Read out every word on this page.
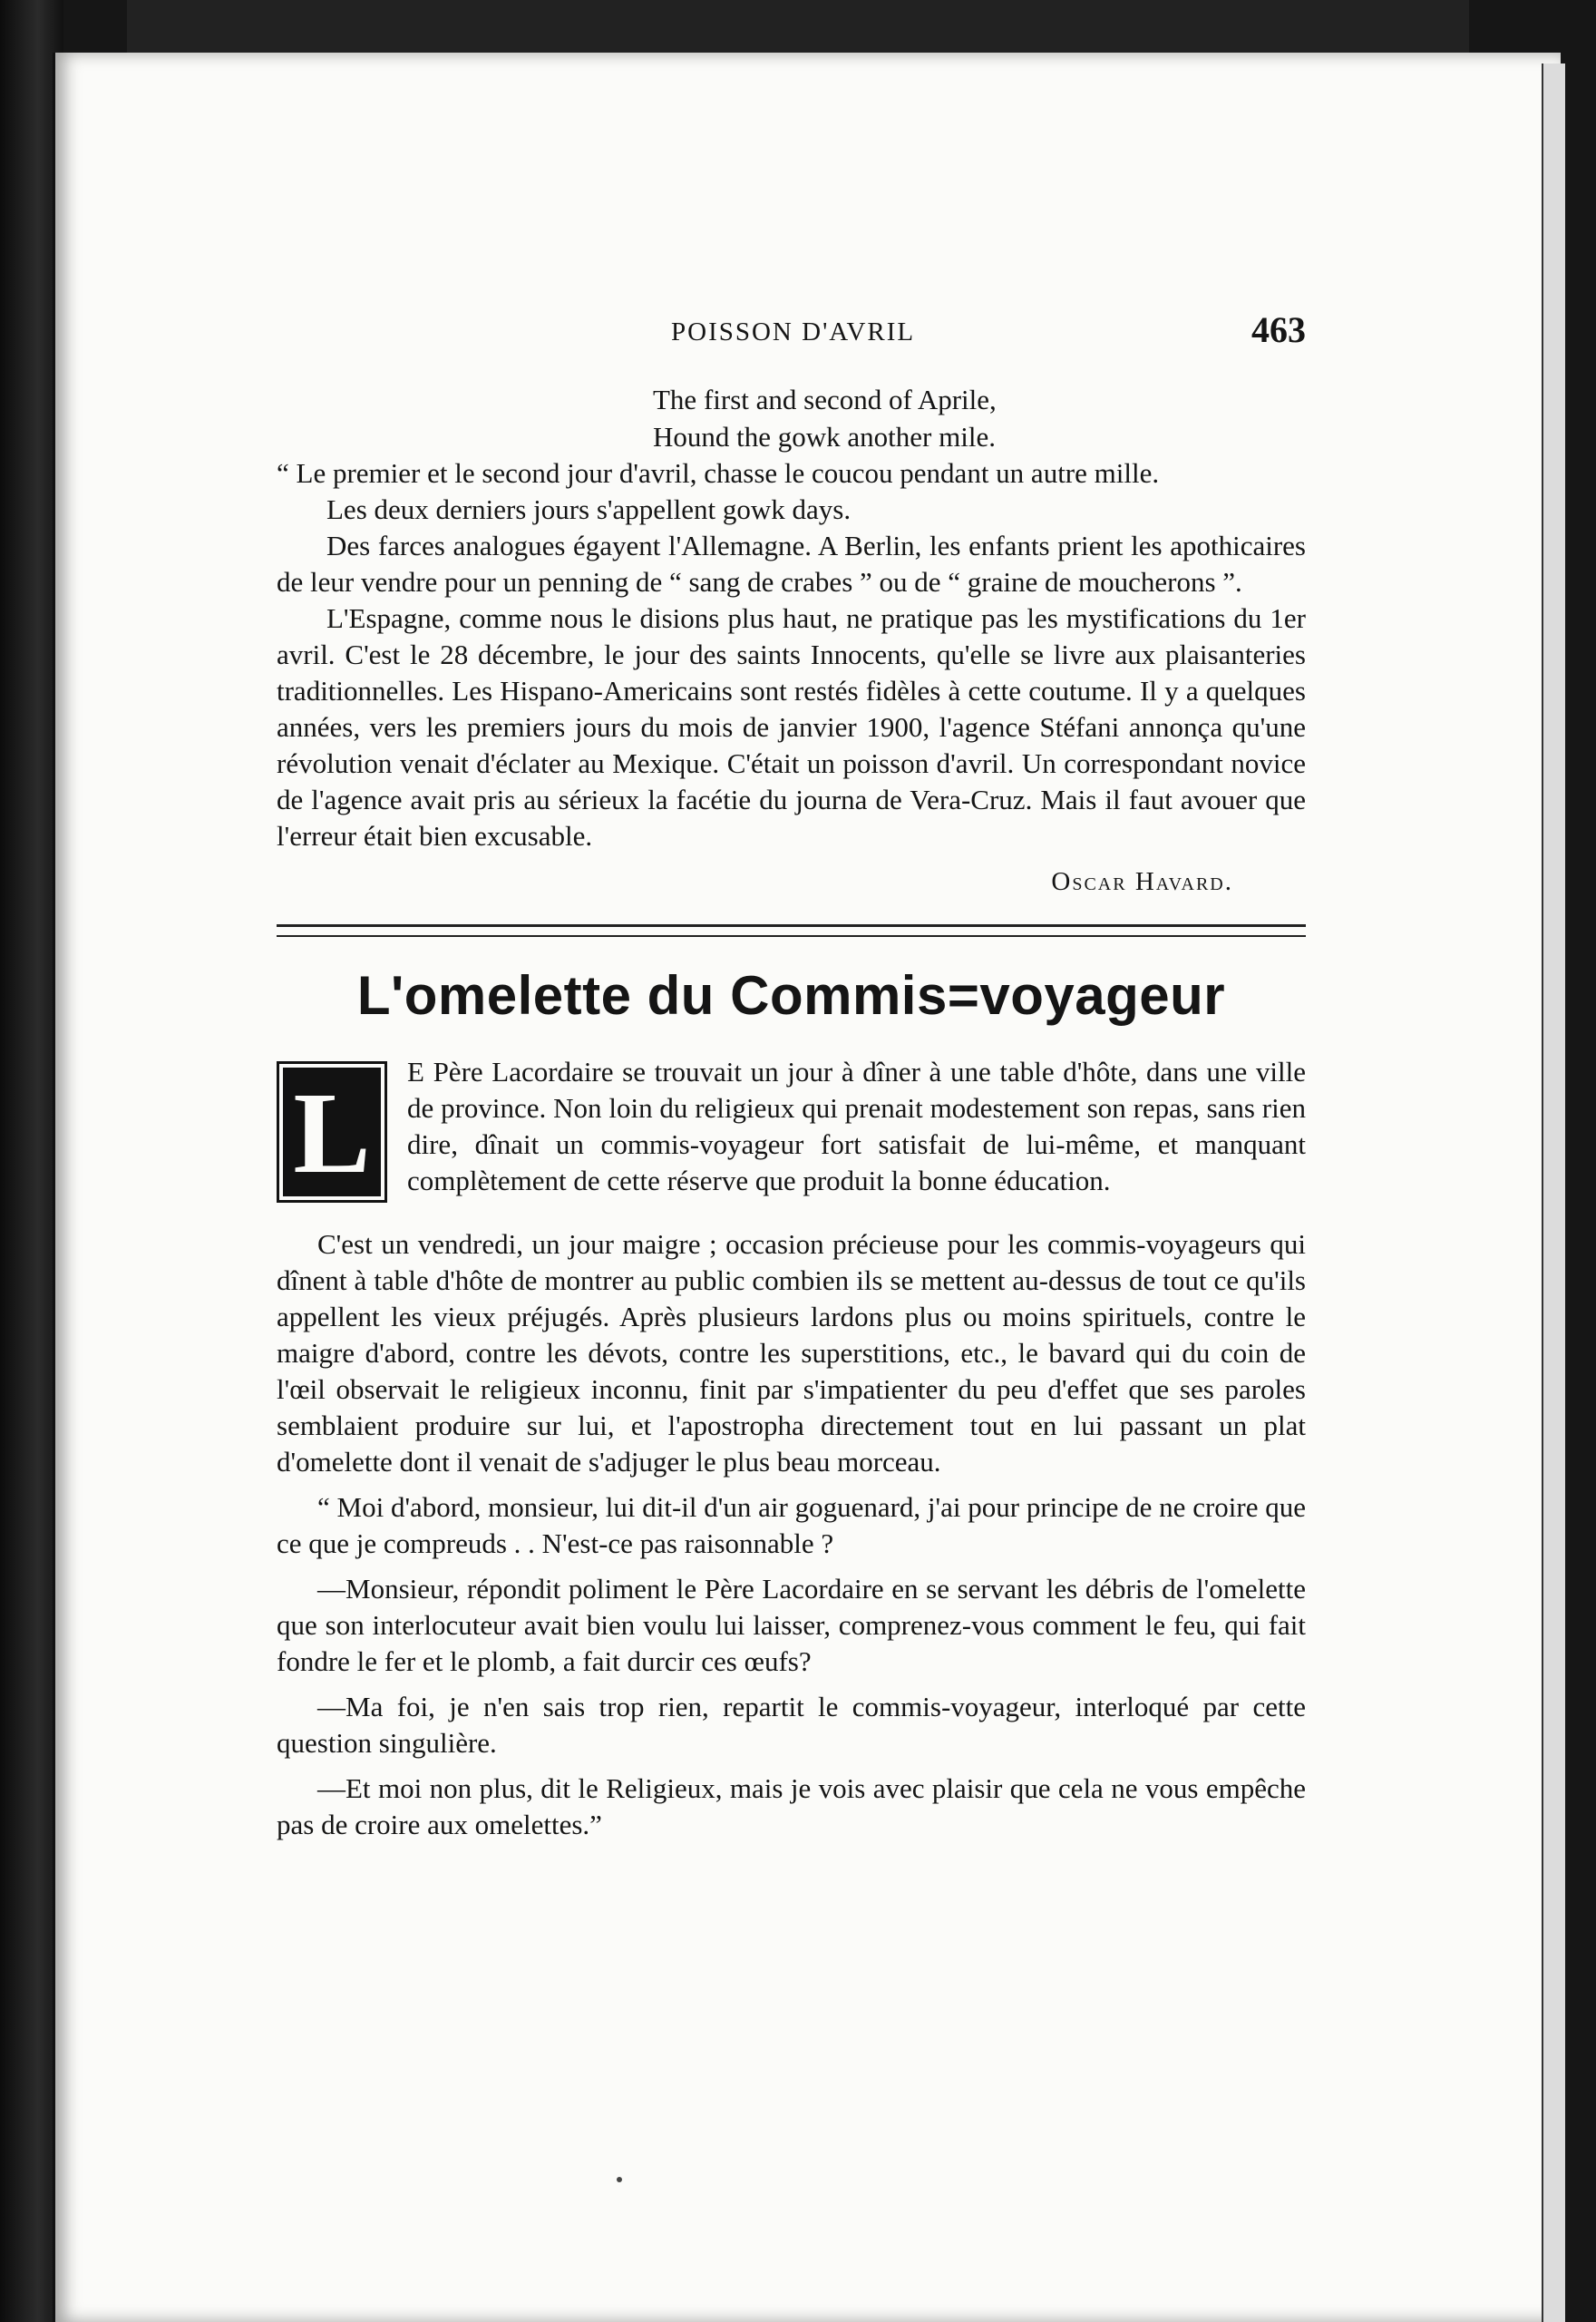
POISSON D'AVRIL	463
The first and second of Aprile,
Hound the gowk another mile.

“ Le premier et le second jour d'avril, chasse le coucou pendant un autre mille.

Les deux derniers jours s'appellent gowk days.

Des farces analogues égayent l'Allemagne. A Berlin, les enfants prient les apothicaires de leur vendre pour un penning de “ sang de crabes ” ou de “ graine de moucherons ”.

L'Espagne, comme nous le disions plus haut, ne pratique pas les mystifications du 1er avril. C'est le 28 décembre, le jour des saints Innocents, qu'elle se livre aux plaisanteries traditionnelles. Les Hispano-Americains sont restés fidèles à cette coutume. Il y a quelques années, vers les premiers jours du mois de janvier 1900, l'agence Stéfani annonça qu'une révolution venait d'éclater au Mexique. C'était un poisson d'avril. Un correspondant novice de l'agence avait pris au sérieux la facétie du journa de Vera-Cruz. Mais il faut avouer que l'erreur était bien excusable.

Oscar Havard.
L'omelette du Commis=voyageur
L	E Père Lacordaire se trouvait un jour à dîner à une table d'hôte, dans une ville de province. Non loin du religieux qui prenait modestement son repas, sans rien dire, dînait un commis-voyageur fort satisfait de lui-même, et manquant complètement de cette réserve que produit la bonne éducation.

C'est un vendredi, un jour maigre ; occasion précieuse pour les commis-voyageurs qui dînent à table d'hôte de montrer au public combien ils se mettent au-dessus de tout ce qu'ils appellent les vieux préjugés. Après plusieurs lardons plus ou moins spirituels, contre le maigre d'abord, contre les dévots, contre les superstitions, etc., le bavard qui du coin de l'œil observait le religieux inconnu, finit par s'impatienter du peu d'effet que ses paroles semblaient produire sur lui, et l'apostropha directement tout en lui passant un plat d'omelette dont il venait de s'adjuger le plus beau morceau.

“ Moi d'abord, monsieur, lui dit-il d'un air goguenard, j'ai pour principe de ne croire que ce que je compreuds . . N'est-ce pas raisonnable ?

—Monsieur, répondit poliment le Père Lacordaire en se servant les débris de l'omelette que son interlocuteur avait bien voulu lui laisser, comprenez-vous comment le feu, qui fait fondre le fer et le plomb, a fait durcir ces œufs?

—Ma foi, je n'en sais trop rien, repartit le commis-voyageur, interloqué par cette question singulière.

—Et moi non plus, dit le Religieux, mais je vois avec plaisir que cela ne vous empêche pas de croire aux omelettes.”
